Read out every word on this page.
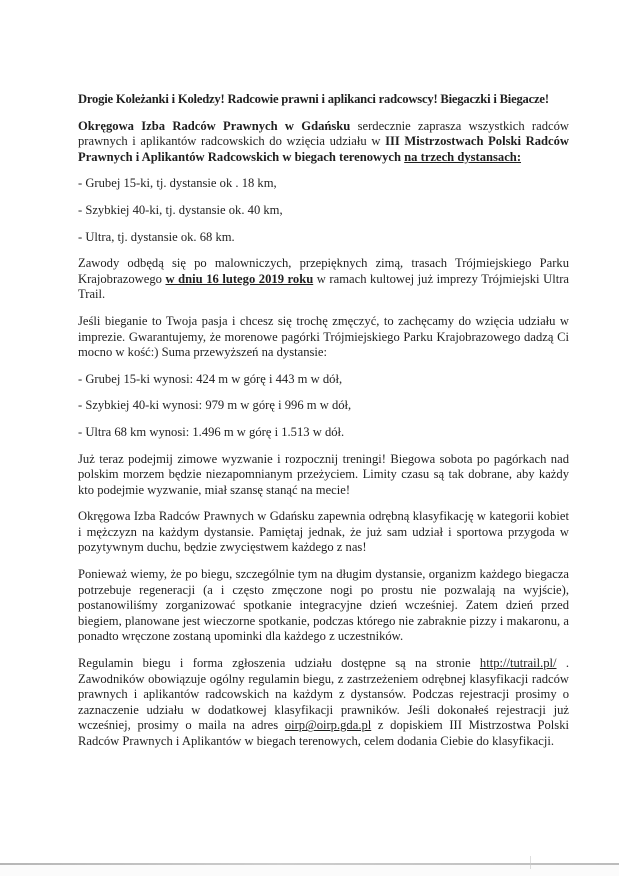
Drogie Koleżanki i Koledzy! Radcowie prawni i aplikanci radcowscy! Biegaczki i Biegacze!

Okręgowa Izba Radców Prawnych w Gdańsku serdecznie zaprasza wszystkich radców prawnych i aplikantów radcowskich do wzięcia udziału w III Mistrzostwach Polski Radców Prawnych i Aplikantów Radcowskich w biegach terenowych na trzech dystansach:

- Grubej 15-ki, tj. dystansie ok . 18 km,

- Szybkiej 40-ki, tj. dystansie ok. 40 km,

- Ultra, tj. dystansie ok. 68 km.

Zawody odbędą się po malowniczych, przepięknych zimą, trasach Trójmiejskiego Parku Krajobrazowego w dniu 16 lutego 2019 roku w ramach kultowej już imprezy Trójmiejski Ultra Trail.

Jeśli bieganie to Twoja pasja i chcesz się trochę zmęczyć, to zachęcamy do wzięcia udziału w imprezie. Gwarantujemy, że morenowe pagórki Trójmiejskiego Parku Krajobrazowego dadzą Ci mocno w kość:) Suma przewyższeń na dystansie:

- Grubej 15-ki wynosi: 424 m w górę i 443 m w dół,

- Szybkiej 40-ki wynosi: 979 m w górę i 996 m w dół,

- Ultra 68 km wynosi: 1.496 m w górę i 1.513 w dół.

Już teraz podejmij zimowe wyzwanie i rozpocznij treningi! Biegowa sobota po pagórkach nad polskim morzem będzie niezapomnianym przeżyciem. Limity czasu są tak dobrane, aby każdy kto podejmie wyzwanie, miał szansę stanąć na mecie!

Okręgowa Izba Radców Prawnych w Gdańsku zapewnia odrębną klasyfikację w kategorii kobiet i mężczyzn na każdym dystansie. Pamiętaj jednak, że już sam udział i sportowa przygoda w pozytywnym duchu, będzie zwycięstwem każdego z nas!

Ponieważ wiemy, że po biegu, szczególnie tym na długim dystansie, organizm każdego biegacza potrzebuje regeneracji (a i często zmęczone nogi po prostu nie pozwalają na wyjście), postanowiliśmy zorganizować spotkanie integracyjne dzień wcześniej. Zatem dzień przed biegiem, planowane jest wieczorne spotkanie, podczas którego nie zabraknie pizzy i makaronu, a ponadto wręczone zostaną upominki dla każdego z uczestników.

Regulamin biegu i forma zgłoszenia udziału dostępne są na stronie http://tutrail.pl/ . Zawodników obowiązuje ogólny regulamin biegu, z zastrzeżeniem odrębnej klasyfikacji radców prawnych i aplikantów radcowskich na każdym z dystansów. Podczas rejestracji prosimy o zaznaczenie udziału w dodatkowej klasyfikacji prawników. Jeśli dokonałeś rejestracji już wcześniej, prosimy o maila na adres oirp@oirp.gda.pl z dopiskiem III Mistrzostwa Polski Radców Prawnych i Aplikantów w biegach terenowych, celem dodania Ciebie do klasyfikacji.
